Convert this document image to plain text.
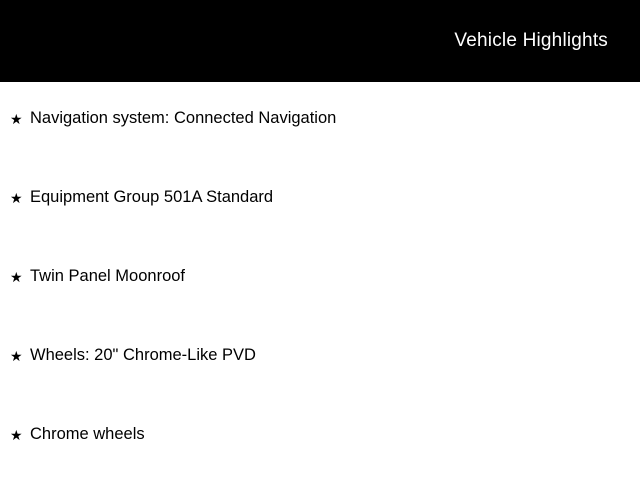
Vehicle Highlights
★ Navigation system: Connected Navigation
★ Equipment Group 501A Standard
★ Twin Panel Moonroof
★ Wheels: 20" Chrome-Like PVD
★ Chrome wheels
